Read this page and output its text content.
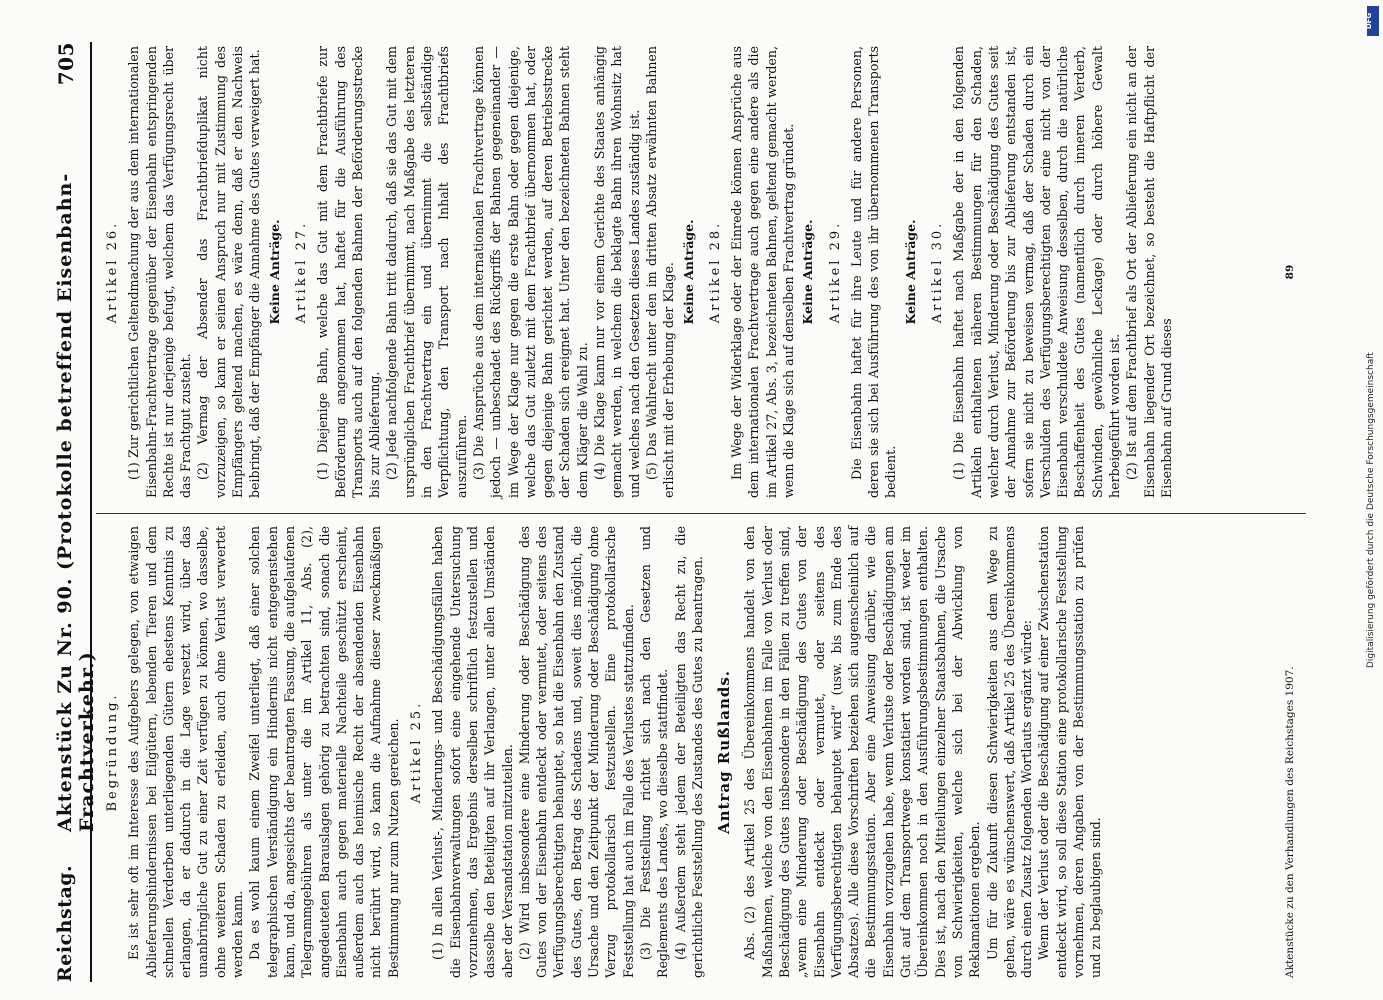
Reichstag.
Aktenstück Zu Nr. 90. (Protokolle betreffend Eisenbahn-Frachtverkehr.)
705
Begründung. Es ist sehr oft im Interesse des Aufgebers gelegen, von etwaigen Ablieferungshindernissen bei Eilgütern, lebenden Tieren und dem schnellen Verderben unterliegenden Gütern ehestens Kenntnis zu erlangen, da er dadurch in die Lage versetzt wird, über das unanbringliche Gut zu einer Zeit verfügen zu können, wo dasselbe, ohne weiteren Schaden zu erleiden, auch ohne Verlust verwertet werden kann. Da es wohl kaum einem Zweifel unterliegt, daß einer solchen telegraphischen Verständigung ein Hindernis nicht entgegenstehen kann, und da, angesichts der beantragten Fassung, die aufgelaufenen Telegrammgebühren als unter die im Artikel 11, Abs. (2), angedeuteten Barauslagen gehörig zu betrachten sind, sonach die Eisenbahn auch gegen materielle Nachteile geschützt erscheint, außerdem auch das heimische Recht der absendenden Eisenbahn nicht berührt wird, so kann die Aufnahme dieser zweckmäßigen Bestimmung nur zum Nutzen gereichen. Artikel 25. (1) In allen Verlust-, Minderungs- und Beschädigungsfällen haben die Eisenbahnverwaltungen sofort eine eingehende Untersuchung vorzunehmen, das Ergebnis derselben schriftlich festzustellen und dasselbe den Beteiligten auf ihr Verlangen, unter allen Umständen aber der Versandstation mitzuteilen. (2) Wird insbesondere eine Minderung oder Beschädigung des Gutes von der Eisenbahn entdeckt oder vermutet, oder seitens des Verfügungsberechtigten behauptet, so hat die Eisenbahn den Zustand des Gutes, den Betrag des Schadens und, soweit dies möglich, die Ursache und den Zeitpunkt der Minderung oder Beschädigung ohne Verzug protokollarisch festzustellen. Eine protokollarische Feststellung hat auch im Falle des Verlustes stattzufinden. (3) Die Feststellung richtet sich nach den Gesetzen und Reglements des Landes, wo dieselbe stattfindet. (4) Außerdem steht jedem der Beteiligten das Recht zu, die gerichtliche Feststellung des Zustandes des Gutes zu beantragen. Antrag Rußlands. Abs. (2) des Artikel 25 des Übereinkommens handelt von den Maßnahmen, welche von den Eisenbahnen im Falle von Verlust oder Beschädigung des Gutes insbesondere in den Fällen zu treffen sind, „wenn eine Minderung oder Beschädigung des Gutes von der Eisenbahn entdeckt oder vermutet, oder seitens des Verfügungsberechtigten behauptet wird“ (usw. bis zum Ende des Absatzes). Alle diese Vorschriften beziehen sich augenscheinlich auf die Bestimmungsstation. Aber eine Anweisung darüber, wie die Eisenbahn vorzugehen habe, wenn Verluste oder Beschädigungen am Gut auf dem Transportwege konstatiert worden sind, ist weder im Übereinkommen noch in den Ausführungsbestimmungen enthalten. Dies ist, nach den Mitteilungen einzelner Staatsbahnen, die Ursache von Schwierigkeiten, welche sich bei der Abwicklung von Reklamationen ergeben. Um für die Zukunft diesen Schwierigkeiten aus dem Wege zu gehen, wäre es wünschenswert, daß Artikel 25 des Übereinkommens durch einen Zusatz folgenden Wortlauts ergänzt würde: Wenn der Verlust oder die Beschädigung auf einer Zwischenstation entdeckt wird, so soll diese Station eine protokollarische Feststellung vornehmen, deren Angaben von der Bestimmungsstation zu prüfen und zu beglaubigen sind.	Aktenstücke zu den Verhandlungen des Reichstages 1907.
Artikel 26. (1) Zur gerichtlichen Geltendmachung der aus dem internationalen Eisenbahn-Frachtvertrage gegenüber der Eisenbahn entspringenden Rechte ist nur derjenige befugt, welchem das Verfügungsrecht über das Frachtgut zusteht. (2) Vermag der Absender das Frachtbriefduplikat nicht vorzuzeigen, so kann er seinen Anspruch nur mit Zustimmung des Empfängers geltend machen, es wäre denn, daß er den Nachweis beibringt, daß der Empfänger die Annahme des Gutes verweigert hat. Keine Anträge. Artikel 27. (1) Diejenige Bahn, welche das Gut mit dem Frachtbriefe zur Beförderung angenommen hat, haftet für die Ausführung des Transports auch auf den folgenden Bahnen der Beförderungsstrecke bis zur Ablieferung. (2) Jede nachfolgende Bahn tritt dadurch, daß sie das Gut mit dem ursprünglichen Frachtbrief übernimmt, nach Maßgabe des letzteren in den Frachtvertrag ein und übernimmt die selbständige Verpflichtung, den Transport nach Inhalt des Frachtbriefs auszuführen. (3) Die Ansprüche aus dem internationalen Frachtvertrage können jedoch — unbeschadet des Rückgriffs der Bahnen gegeneinander — im Wege der Klage nur gegen die erste Bahn oder gegen diejenige, welche das Gut zuletzt mit dem Frachtbrief übernommen hat, oder gegen diejenige Bahn gerichtet werden, auf deren Betriebsstrecke der Schaden sich ereignet hat. Unter den bezeichneten Bahnen steht dem Kläger die Wahl zu. (4) Die Klage kann nur vor einem Gerichte des Staates anhängig gemacht werden, in welchem die beklagte Bahn ihren Wohnsitz hat und welches nach den Gesetzen dieses Landes zuständig ist. (5) Das Wahlrecht unter den im dritten Absatz erwähnten Bahnen erlischt mit der Erhebung der Klage. Keine Anträge. Artikel 28. Im Wege der Widerklage oder der Einrede können Ansprüche aus dem internationalen Frachtvertrage auch gegen eine andere als die im Artikel 27, Abs. 3, bezeichneten Bahnen, geltend gemacht werden, wenn die Klage sich auf denselben Frachtvertrag gründet. Keine Anträge. Artikel 29. Die Eisenbahn haftet für ihre Leute und für andere Personen, deren sie sich bei Ausführung des von ihr übernommenen Transports bedient.

Keine Anträge. Artikel 30. (1) Die Eisenbahn haftet nach Maßgabe der in den folgenden Artikeln enthaltenen näheren Bestimmungen für den Schaden, welcher durch Verlust, Minderung oder Beschädigung des Gutes seit der Annahme zur Beförderung bis zur Ablieferung entstanden ist, sofern sie nicht zu beweisen vermag, daß der Schaden durch ein Verschulden des Verfügungsberechtigten oder eine nicht von der Eisenbahn verschuldete Anweisung desselben, durch die natürliche Beschaffenheit des Gutes (namentlich durch inneren Verderb, Schwinden, gewöhnliche Leckage) oder durch höhere Gewalt herbeigeführt worden ist. (2) Ist auf dem Frachtbrief als Ort der Ablieferung ein nicht an der Eisenbahn liegender Ort bezeichnet, so besteht die Haftpflicht der Eisenbahn auf Grund dieses

89
DFG
Digitalisierung gefördert durch die Deutsche Forschungsgemeinschaft
